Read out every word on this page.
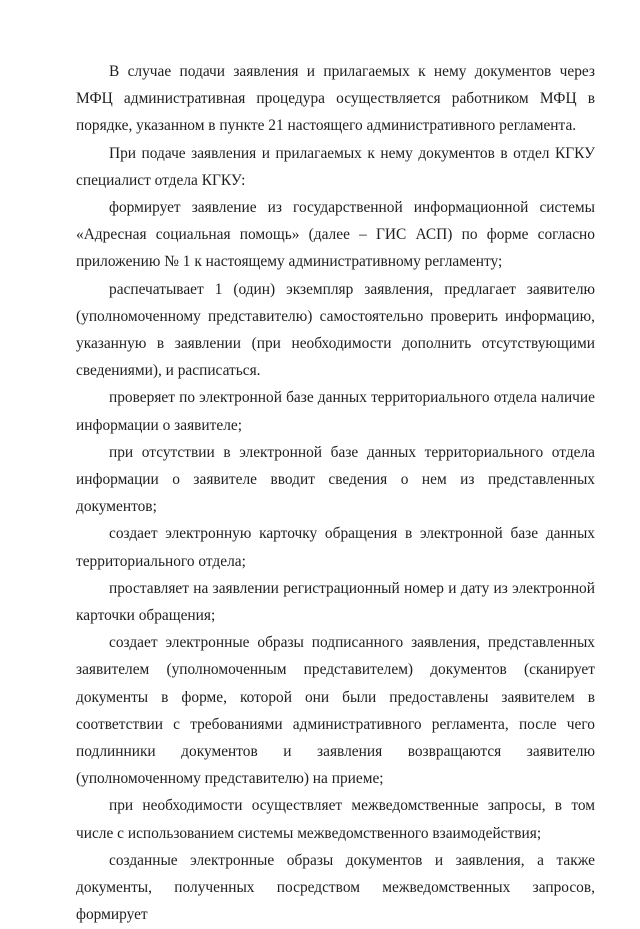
В случае подачи заявления и прилагаемых к нему документов через МФЦ административная процедура осуществляется работником МФЦ в порядке, указанном в пункте 21 настоящего административного регламента.

При подаче заявления и прилагаемых к нему документов в отдел КГКУ специалист отдела КГКУ:

формирует заявление из государственной информационной системы «Адресная социальная помощь» (далее – ГИС АСП) по форме согласно приложению № 1 к настоящему административному регламенту;

распечатывает 1 (один) экземпляр заявления, предлагает заявителю (уполномоченному представителю) самостоятельно проверить информацию, указанную в заявлении (при необходимости дополнить отсутствующими сведениями), и расписаться.

проверяет по электронной базе данных территориального отдела наличие информации о заявителе;

при отсутствии в электронной базе данных территориального отдела информации о заявителе вводит сведения о нем из представленных документов;

создает электронную карточку обращения в электронной базе данных территориального отдела;

проставляет на заявлении регистрационный номер и дату из электронной карточки обращения;

создает электронные образы подписанного заявления, представленных заявителем (уполномоченным представителем) документов (сканирует документы в форме, которой они были предоставлены заявителем в соответствии с требованиями административного регламента, после чего подлинники документов и заявления возвращаются заявителю (уполномоченному представителю) на приеме;

при необходимости осуществляет межведомственные запросы, в том числе с использованием системы межведомственного взаимодействия;

созданные электронные образы документов и заявления, а также документы, полученных посредством межведомственных запросов, формирует
